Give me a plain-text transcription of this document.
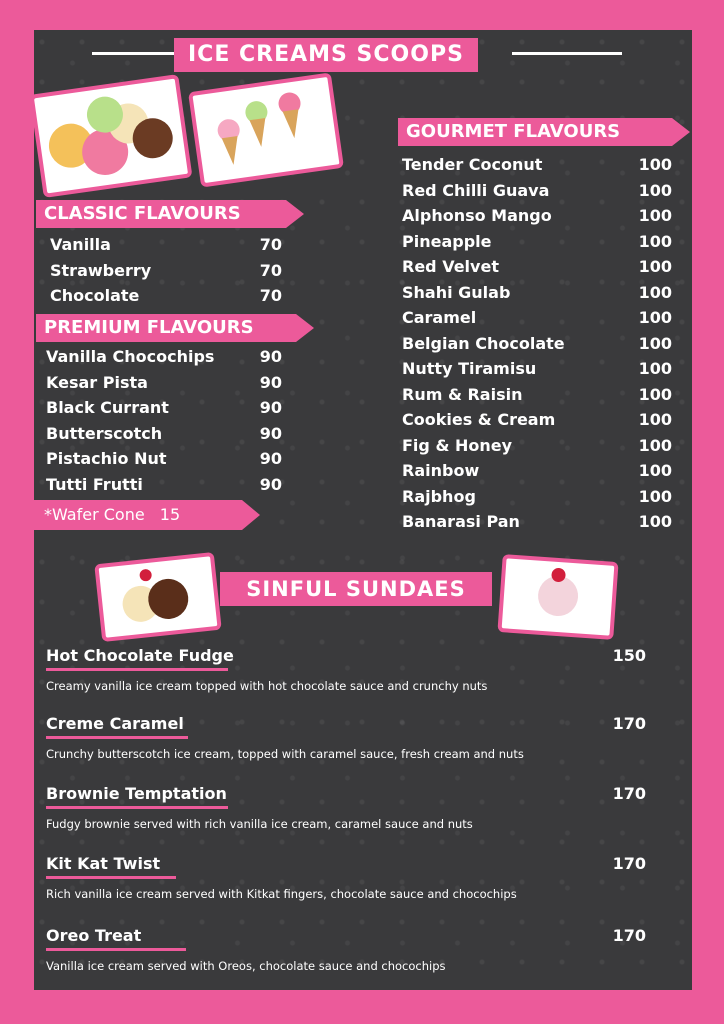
ICE CREAMS SCOOPS
CLASSIC FLAVOURS
Vanilla	70
Strawberry	70
Chocolate	70
PREMIUM FLAVOURS
Vanilla Chocochips	90
Kesar Pista	90
Black Currant	90
Butterscotch	90
Pistachio Nut	90
Tutti Frutti	90
*Wafer Cone 15
GOURMET FLAVOURS
Tender Coconut	100
Red Chilli Guava	100
Alphonso Mango	100
Pineapple	100
Red Velvet	100
Shahi Gulab	100
Caramel	100
Belgian Chocolate	100
Nutty Tiramisu	100
Rum & Raisin	100
Cookies & Cream	100
Fig & Honey	100
Rainbow	100
Rajbhog	100
Banarasi Pan	100
SINFUL SUNDAES
Hot Chocolate Fudge	150
Creamy vanilla ice cream topped with hot chocolate sauce and crunchy nuts
Creme Caramel	170
Crunchy butterscotch ice cream, topped with caramel sauce, fresh cream and nuts
Brownie Temptation	170
Fudgy brownie served with rich vanilla ice cream, caramel sauce and nuts
Kit Kat Twist	170
Rich vanilla ice cream served with Kitkat fingers, chocolate sauce and chocochips
Oreo Treat	170
Vanilla ice cream served with Oreos, chocolate sauce and chocochips
